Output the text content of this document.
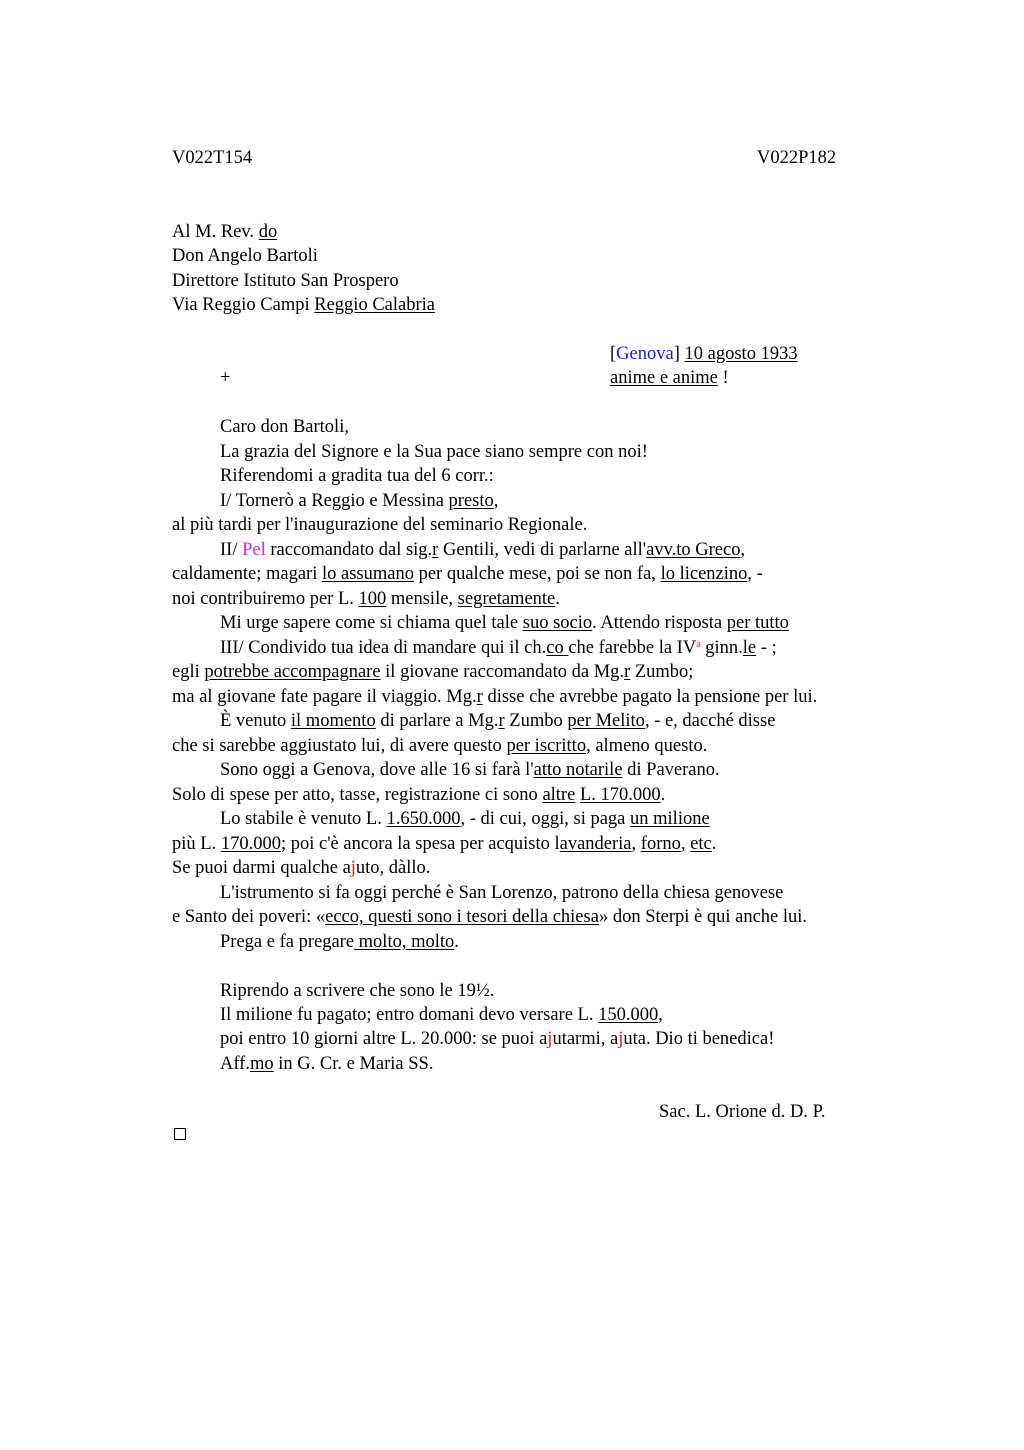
V022T154	V022P182
Al M. Rev. do
Don Angelo Bartoli
Direttore Istituto San Prospero
Via Reggio Campi Reggio Calabria
[Genova] 10 agosto 1933
+	anime e anime !
Caro don Bartoli,
La grazia del Signore e la Sua pace siano sempre con noi!
Riferendomi a gradita tua del 6 corr.:
I/ Tornerò a Reggio e Messina presto,
al più tardi per l'inaugurazione del seminario Regionale.
II/ Pel raccomandato dal sig.r Gentili, vedi di parlarne all'avv.to Greco,
caldamente; magari lo assumano per qualche mese, poi se non fa, lo licenzino, -
noi contribuiremo per L. 100 mensile, segretamente.
Mi urge sapere come si chiama quel tale suo socio. Attendo risposta per tutto
III/ Condivido tua idea di mandare qui il ch.co che farebbe la $IV^a$ ginn.le - ;
egli potrebbe accompagnare il giovane raccomandato da Mg.r Zumbo;
ma al giovane fate pagare il viaggio. Mg.r disse che avrebbe pagato la pensione per lui.
È venuto il momento di parlare a Mg.r Zumbo per Melito, - e, dacché disse
che si sarebbe aggiustato lui, di avere questo per iscritto, almeno questo.
Sono oggi a Genova, dove alle 16 si farà l'atto notarile di Paverano.
Solo di spese per atto, tasse, registrazione ci sono altre L. 170.000.
Lo stabile è venuto L. 1.650.000, - di cui, oggi, si paga un milione
più L. 170.000; poi c'è ancora la spesa per acquisto lavanderia, forno, etc.
Se puoi darmi qualche ajuto, dàllo.
L'istrumento si fa oggi perché è San Lorenzo, patrono della chiesa genovese
e Santo dei poveri: «ecco, questi sono i tesori della chiesa» don Sterpi è qui anche lui.
Prega e fa pregare molto, molto.
Riprendo a scrivere che sono le 19½.
Il milione fu pagato; entro domani devo versare L. 150.000,
poi entro 10 giorni altre L. 20.000: se puoi ajutarmi, ajuta. Dio ti benedica!
Aff.mo in G. Cr. e Maria SS.
Sac. L. Orione d. D. P.
